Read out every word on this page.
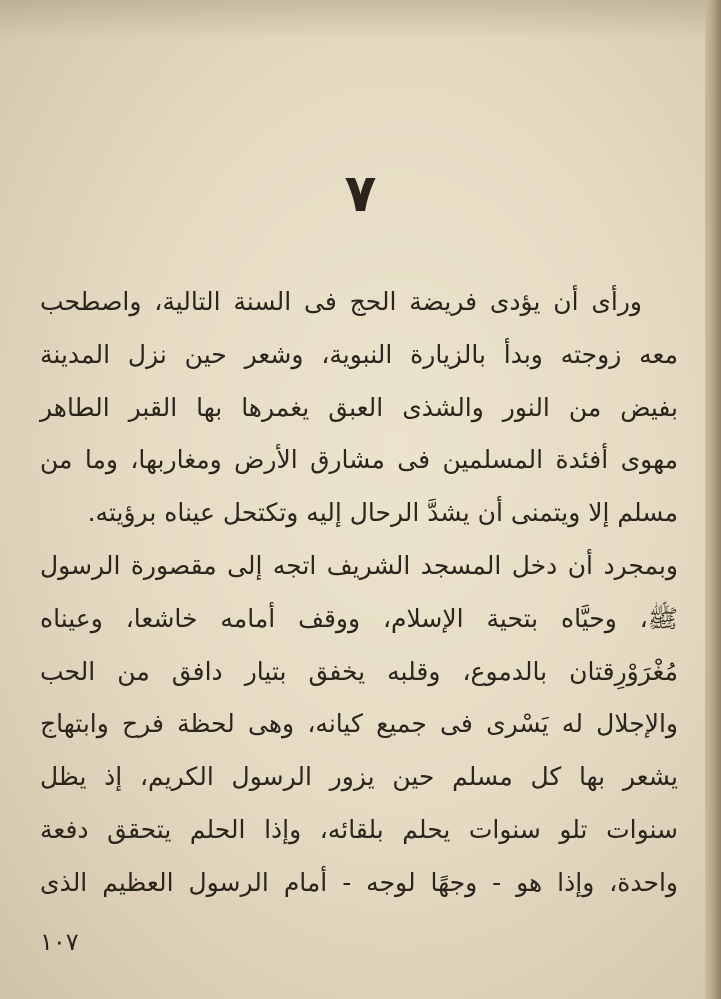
٧
ورأى أن يؤدى فريضة الحج فى السنة التالية، واصطحب
معه زوجته وبدأ بالزيارة النبوية، وشعر حين نزل المدينة
بفيض من النور والشذى العبق يغمرها بها القبر الطاهر
مهوى أفئدة المسلمين فى مشارق الأرض ومغاربها، وما من
مسلم إلا ويتمنى أن يشدَّ الرحال إليه وتكتحل عيناه برؤيته.
وبمجرد أن دخل المسجد الشريف اتجه إلى مقصورة الرسول
ﷺ، وحيَّاه بتحية الإسلام، ووقف أمامه خاشعا، وعيناه
مُغْرَوْرِقتان بالدموع، وقلبه يخفق بتيار دافق من الحب
والإجلال له يَسْرى فى جميع كيانه، وهى لحظة فرح وابتهاج
يشعر بها كل مسلم حين يزور الرسول الكريم، إذ يظل
سنوات تلو سنوات يحلم بلقائه، وإذا الحلم يتحقق دفعة
واحدة، وإذا هو - وجهًا لوجه - أمام الرسول العظيم الذى
١٠٧
